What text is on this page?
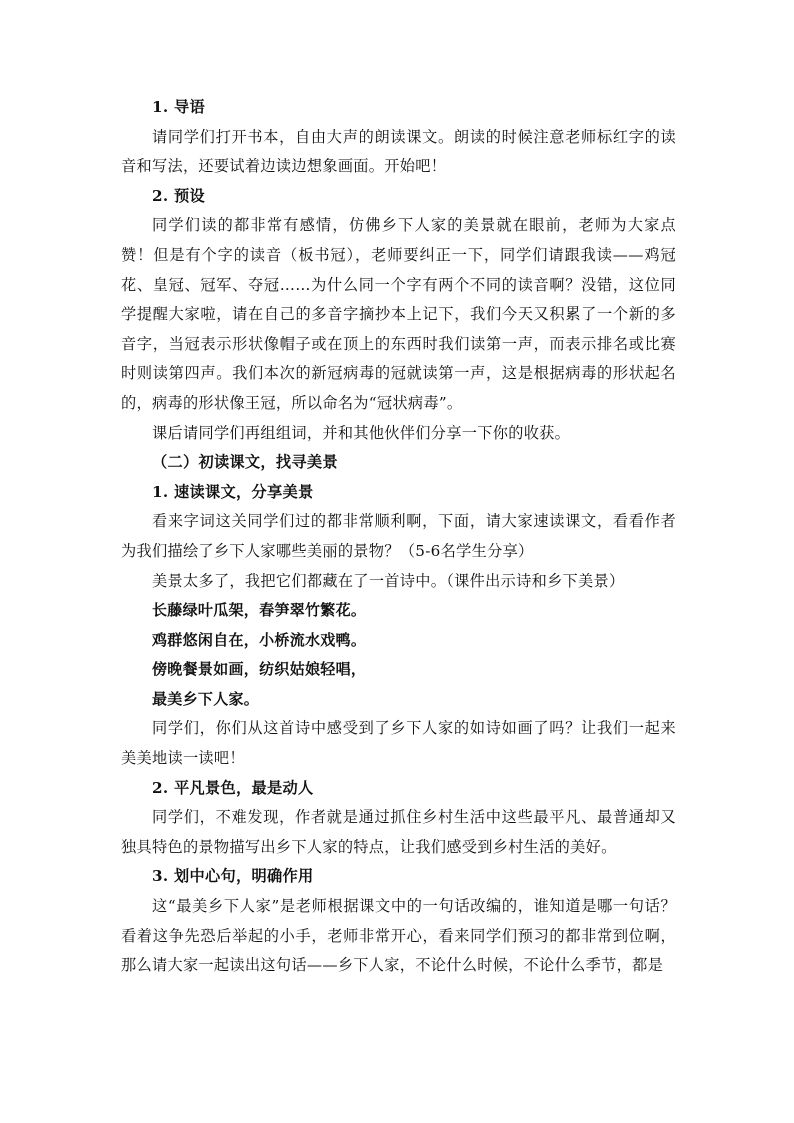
1. 导语

请同学们打开书本，自由大声的朗读课文。朗读的时候注意老师标红字的读音和写法，还要试着边读边想象画面。开始吧！

2. 预设

同学们读的都非常有感情，仿佛乡下人家的美景就在眼前，老师为大家点赞！但是有个字的读音（板书冠），老师要纠正一下，同学们请跟我读——鸡冠花、皇冠、冠军、夺冠……为什么同一个字有两个不同的读音啊？没错，这位同学提醒大家啦，请在自己的多音字摘抄本上记下，我们今天又积累了一个新的多音字，当冠表示形状像帽子或在顶上的东西时我们读第一声，而表示排名或比赛时则读第四声。我们本次的新冠病毒的冠就读第一声，这是根据病毒的形状起名的，病毒的形状像王冠，所以命名为“冠状病毒”。

课后请同学们再组组词，并和其他伙伴们分享一下你的收获。

（二）初读课文，找寻美景

1. 速读课文，分享美景

看来字词这关同学们过的都非常顺利啊，下面，请大家速读课文，看看作者为我们描绘了乡下人家哪些美丽的景物？（5-6名学生分享）

美景太多了，我把它们都藏在了一首诗中。（课件出示诗和乡下美景）

长藤绿叶瓜架，春笋翠竹繁花。

鸡群悠闲自在，小桥流水戏鸭。

傍晚餐景如画，纺织姑娘轻唱，

最美乡下人家。

同学们，你们从这首诗中感受到了乡下人家的如诗如画了吗？让我们一起来美美地读一读吧！

2. 平凡景色，最是动人

同学们，不难发现，作者就是通过抓住乡村生活中这些最平凡、最普通却又独具特色的景物描写出乡下人家的特点，让我们感受到乡村生活的美好。

3. 划中心句，明确作用

这“最美乡下人家”是老师根据课文中的一句话改编的，谁知道是哪一句话？看着这争先恐后举起的小手，老师非常开心，看来同学们预习的都非常到位啊，那么请大家一起读出这句话——乡下人家，不论什么时候，不论什么季节，都是
